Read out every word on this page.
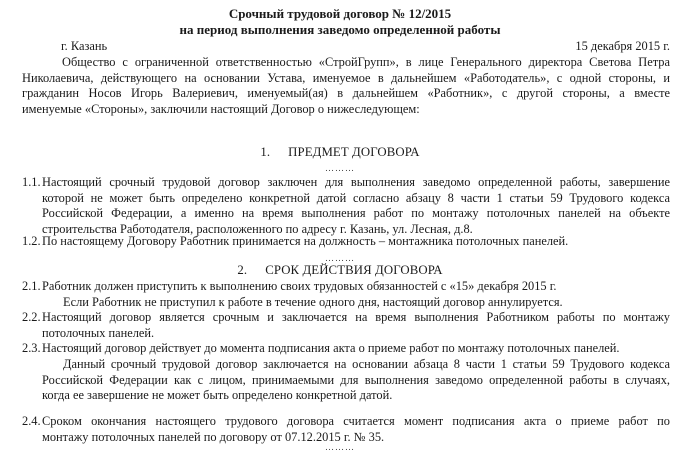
Срочный трудовой договор № 12/2015
на период выполнения заведомо определенной работы
г. Казань	15 декабря 2015 г.
Общество с ограниченной ответственностью «СтройГрупп», в лице Генерального директора Светова Петра
Николаевича, действующего на основании Устава, именуемое в дальнейшем «Работодатель», с одной стороны, и
гражданин Носов Игорь Валериевич, именуемый(ая) в дальнейшем «Работник», с другой стороны, а вместе
именуемые «Стороны», заключили настоящий Договор о нижеследующем:
1. ПРЕДМЕТ ДОГОВОРА
………
1.1. Настоящий срочный трудовой договор заключен для выполнения заведомо определенной работы, завершение
которой не может быть определено конкретной датой согласно абзацу 8 части 1 статьи 59 Трудового кодекса
Российской Федерации, а именно на время выполнения работ по монтажу потолочных панелей на объекте
строительства Работодателя, расположенного по адресу г. Казань, ул. Лесная, д.8.
1.2. По настоящему Договору Работник принимается на должность – монтажника потолочных панелей.
………
2. СРОК ДЕЙСТВИЯ ДОГОВОРА
2.1. Работник должен приступить к выполнению своих трудовых обязанностей с «15» декабря 2015 г.
Если Работник не приступил к работе в течение одного дня, настоящий договор аннулируется.
2.2. Настоящий договор является срочным и заключается на время выполнения Работником работы по монтажу
потолочных панелей.
2.3. Настоящий договор действует до момента подписания акта о приеме работ по монтажу потолочных панелей.
Данный срочный трудовой договор заключается на основании абзаца 8 части 1 статьи 59 Трудового кодекса
Российской Федерации как с лицом, принимаемыми для выполнения заведомо определенной работы в случаях,
когда ее завершение не может быть определено конкретной датой.
2.4. Сроком окончания настоящего трудового договора считается момент подписания акта о приеме работ по
монтажу потолочных панелей по договору от 07.12.2015 г. № 35.
………
